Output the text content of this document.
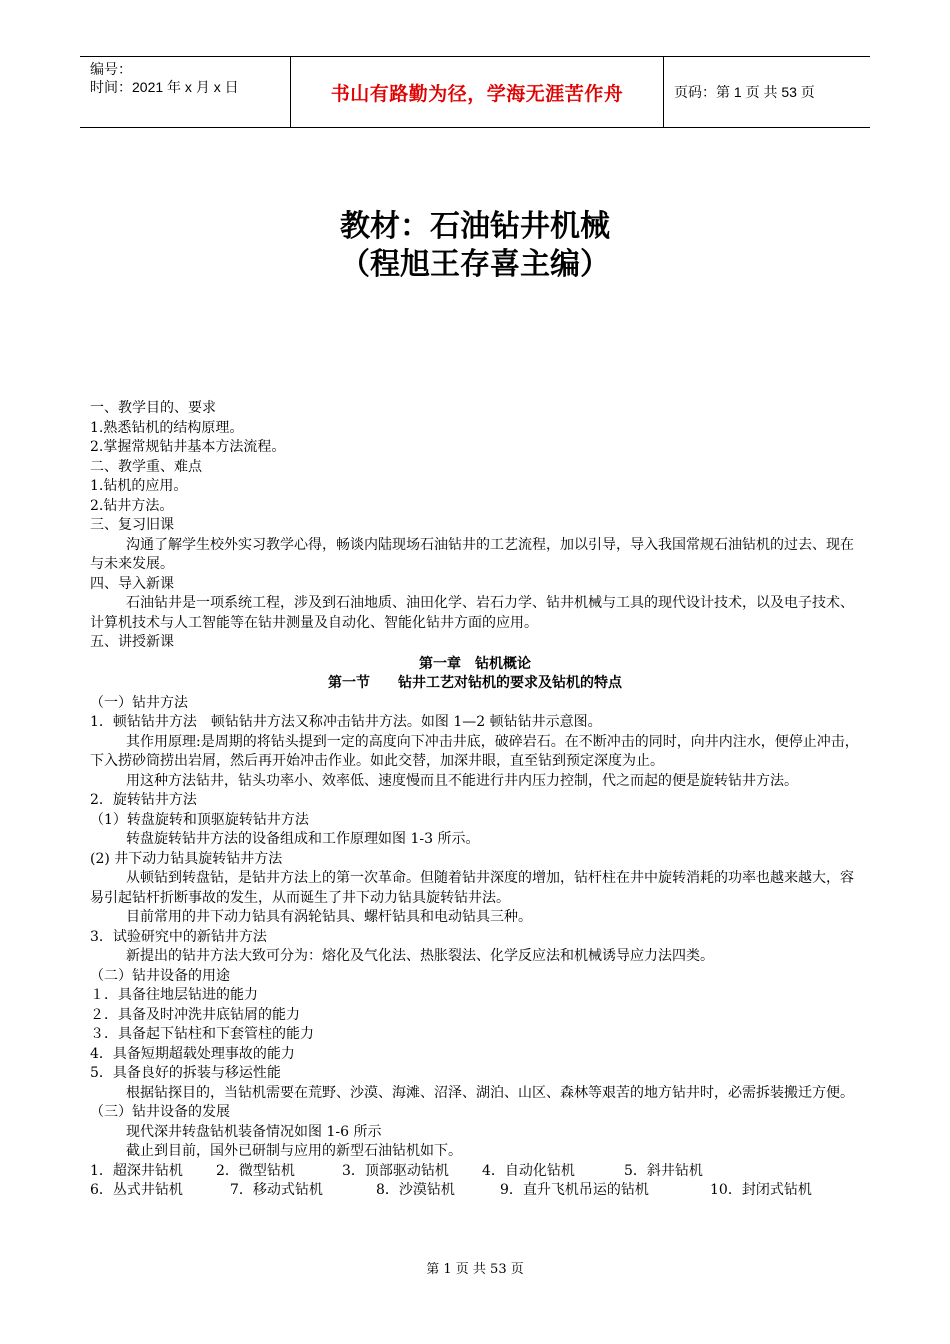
编号：
时间：2021 年 x 月 x 日	书山有路勤为径，学海无涯苦作舟	页码：第 1 页 共 53 页
教材：石油钻井机械
（程旭王存喜主编）

一、教学目的、要求

1.熟悉钻机的结构原理。

2.掌握常规钻井基本方法流程。

二、教学重、难点

1.钻机的应用。

2.钻井方法。

三、复习旧课

沟通了解学生校外实习教学心得，畅谈内陆现场石油钻井的工艺流程，加以引导，导入我国常规石油钻机的过去、现在与未来发展。

四、导入新课

石油钻井是一项系统工程，涉及到石油地质、油田化学、岩石力学、钻井机械与工具的现代设计技术，以及电子技术、计算机技术与人工智能等在钻井测量及自动化、智能化钻井方面的应用。

五、讲授新课

第一章　钻机概论

第一节　　钻井工艺对钻机的要求及钻机的特点

（一）钻井方法

1．顿钻钻井方法　顿钻钻井方法又称冲击钻井方法。如图 1—2 顿钻钻井示意图。

其作用原理:是周期的将钻头提到一定的高度向下冲击井底，破碎岩石。在不断冲击的同时，向井内注水，便停止冲击，下入捞砂筒捞出岩屑，然后再开始冲击作业。如此交替，加深井眼，直至钻到预定深度为止。

用这种方法钻井，钻头功率小、效率低、速度慢而且不能进行井内压力控制，代之而起的便是旋转钻井方法。

2．旋转钻井方法

（1）转盘旋转和顶驱旋转钻井方法

转盘旋转钻井方法的设备组成和工作原理如图 1-3 所示。

(2) 井下动力钻具旋转钻井方法

从顿钻到转盘钻，是钻井方法上的第一次革命。但随着钻井深度的增加，钻杆柱在井中旋转消耗的功率也越来越大，容易引起钻杆折断事故的发生，从而诞生了井下动力钻具旋转钻井法。

目前常用的井下动力钻具有涡轮钻具、螺杆钻具和电动钻具三种。

3．试验研究中的新钻井方法

新提出的钻井方法大致可分为：熔化及气化法、热胀裂法、化学反应法和机械诱导应力法四类。

（二）钻井设备的用途

１．具备往地层钻进的能力

２．具备及时冲洗井底钻屑的能力

３．具备起下钻柱和下套管柱的能力

4．具备短期超载处理事故的能力

5．具备良好的拆装与移运性能

根据钻探目的，当钻机需要在荒野、沙漠、海滩、沼泽、湖泊、山区、森林等艰苦的地方钻井时，必需拆装搬迁方便。

（三）钻井设备的发展

现代深井转盘钻机装备情况如图 1-6 所示

截止到目前，国外已研制与应用的新型石油钻机如下。

1．超深井钻机	2．微型钻机	3．顶部驱动钻机	4．自动化钻机	5．斜井钻机
6．丛式井钻机	7．移动式钻机	8．沙漠钻机	9．直升飞机吊运的钻机	10．封闭式钻机
第 1 页 共 53 页
